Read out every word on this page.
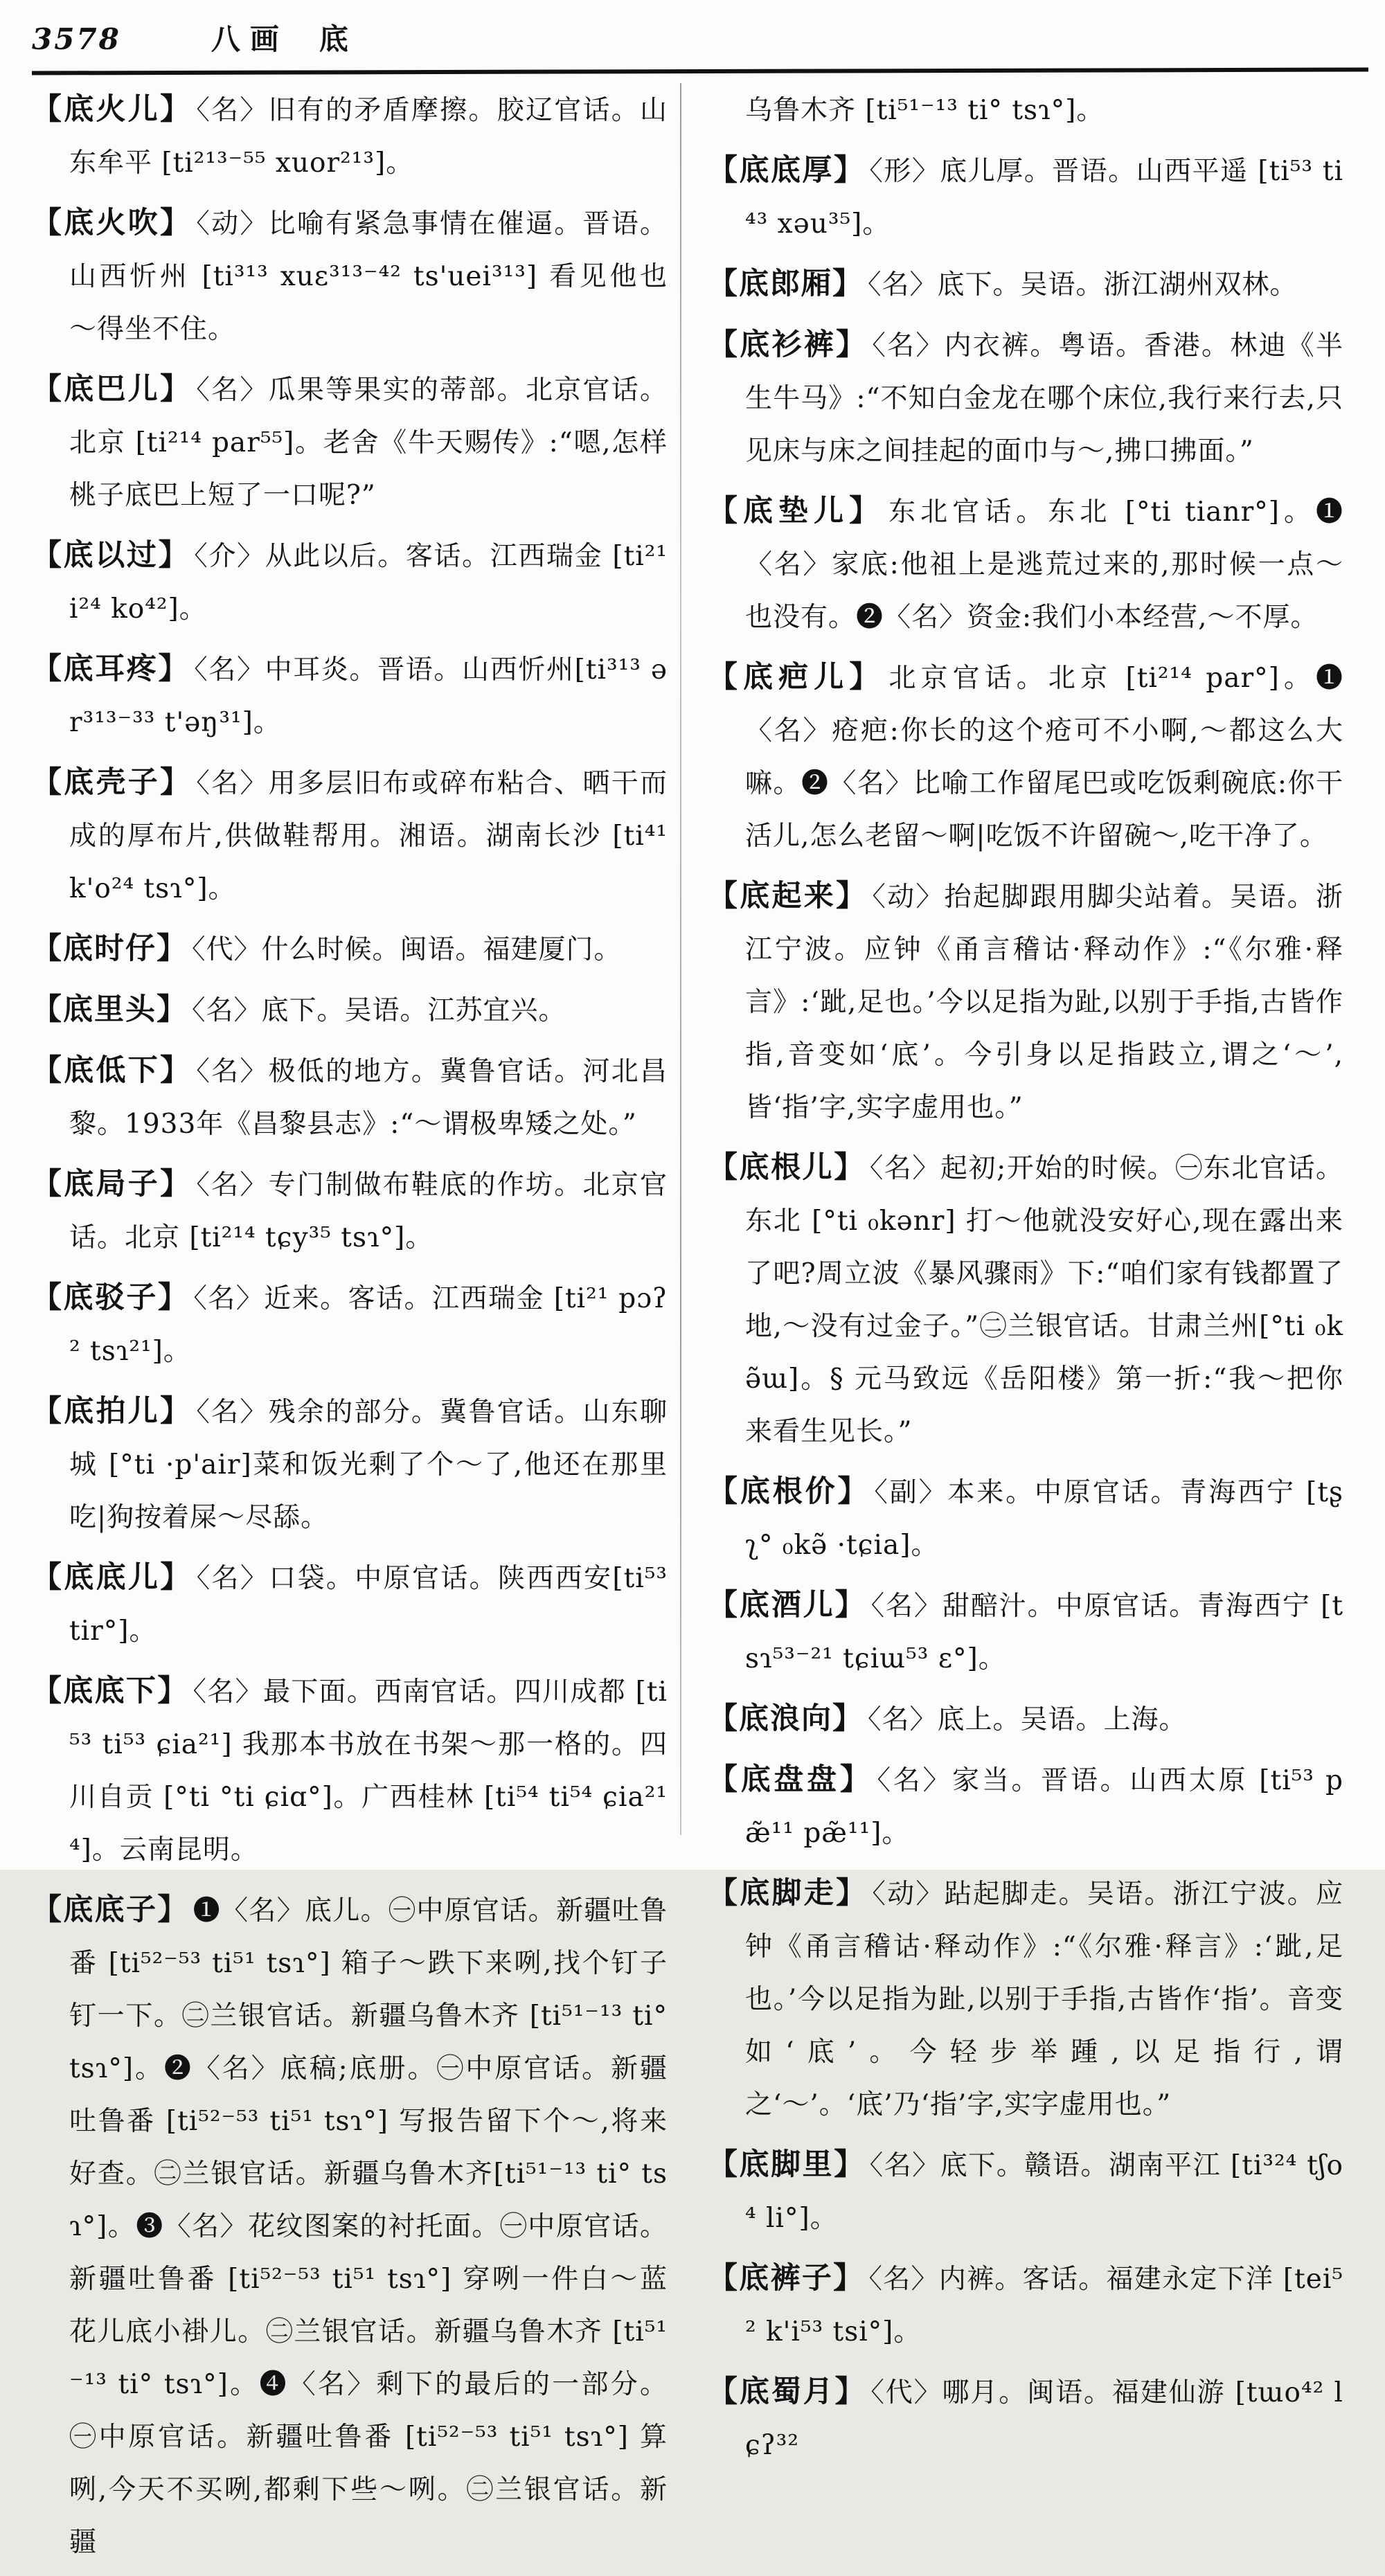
3578	八画 底
【底火儿】 〈名〉旧有的矛盾摩擦。胶辽官话。山东牟平 [ti²¹³⁻⁵⁵ xuor²¹³]。
【底火吹】 〈动〉比喻有紧急事情在催逼。晋语。山西忻州 [ti³¹³ xuɛ³¹³⁻⁴² ts'uei³¹³] 看见他也～得坐不住。
【底巴儿】 〈名〉瓜果等果实的蒂部。北京官话。北京 [ti²¹⁴ par⁵⁵]。老舍《牛天赐传》:“嗯,怎样桃子底巴上短了一口呢?”
【底以过】 〈介〉从此以后。客话。江西瑞金 [ti²¹ i²⁴ ko⁴²]。
【底耳疼】 〈名〉中耳炎。晋语。山西忻州[ti³¹³ ər³¹³⁻³³ t'əŋ³¹]。
【底壳子】 〈名〉用多层旧布或碎布粘合、晒干而成的厚布片,供做鞋帮用。湘语。湖南长沙 [ti⁴¹ k'o²⁴ tsɿ°]。
【底时仔】 〈代〉什么时候。闽语。福建厦门。
【底里头】 〈名〉底下。吴语。江苏宜兴。
【底低下】 〈名〉极低的地方。冀鲁官话。河北昌黎。1933年《昌黎县志》:“～谓极卑矮之处。”
【底局子】 〈名〉专门制做布鞋底的作坊。北京官话。北京 [ti²¹⁴ tɕy³⁵ tsɿ°]。
【底驳子】 〈名〉近来。客话。江西瑞金 [ti²¹ pɔʔ² tsɿ²¹]。
【底拍儿】 〈名〉残余的部分。冀鲁官话。山东聊城 [°ti ·p'air]菜和饭光剩了个～了,他还在那里吃|狗按着屎～尽舔。
【底底儿】 〈名〉口袋。中原官话。陕西西安[ti⁵³ tir°]。
【底底下】 〈名〉最下面。西南官话。四川成都 [ti⁵³ ti⁵³ ɕia²¹] 我那本书放在书架～那一格的。四川自贡 [°ti °ti ɕiɑ°]。广西桂林 [ti⁵⁴ ti⁵⁴ ɕia²¹⁴]。云南昆明。
【底底子】 ❶〈名〉底儿。㊀中原官话。新疆吐鲁番 [ti⁵²⁻⁵³ ti⁵¹ tsɿ°] 箱子～跌下来咧,找个钉子钉一下。㊁兰银官话。新疆乌鲁木齐 [ti⁵¹⁻¹³ ti° tsɿ°]。❷〈名〉底稿;底册。㊀中原官话。新疆吐鲁番 [ti⁵²⁻⁵³ ti⁵¹ tsɿ°] 写报告留下个～,将来好查。㊁兰银官话。新疆乌鲁木齐[ti⁵¹⁻¹³ ti° tsɿ°]。❸〈名〉花纹图案的衬托面。㊀中原官话。新疆吐鲁番 [ti⁵²⁻⁵³ ti⁵¹ tsɿ°] 穿咧一件白～蓝花儿底小褂儿。㊁兰银官话。新疆乌鲁木齐 [ti⁵¹⁻¹³ ti° tsɿ°]。❹〈名〉剩下的最后的一部分。㊀中原官话。新疆吐鲁番 [ti⁵²⁻⁵³ ti⁵¹ tsɿ°] 算咧,今天不买咧,都剩下些～咧。㊁兰银官话。新疆
乌鲁木齐 [ti⁵¹⁻¹³ ti° tsɿ°]。
【底底厚】 〈形〉底儿厚。晋语。山西平遥 [ti⁵³ ti⁴³ xəu³⁵]。
【底郎厢】 〈名〉底下。吴语。浙江湖州双林。
【底衫裤】 〈名〉内衣裤。粤语。香港。林迪《半生牛马》:“不知白金龙在哪个床位,我行来行去,只见床与床之间挂起的面巾与～,拂口拂面。”
【底垫儿】 东北官话。东北 [°ti tianr°]。❶〈名〉家底:他祖上是逃荒过来的,那时候一点～也没有。❷〈名〉资金:我们小本经营,～不厚。
【底疤儿】 北京官话。北京 [ti²¹⁴ par°]。❶〈名〉疮疤:你长的这个疮可不小啊,～都这么大嘛。❷〈名〉比喻工作留尾巴或吃饭剩碗底:你干活儿,怎么老留～啊|吃饭不许留碗～,吃干净了。
【底起来】 〈动〉抬起脚跟用脚尖站着。吴语。浙江宁波。应钟《甬言稽诂·释动作》:“《尔雅·释言》:‘跐,足也。’今以足指为趾,以别于手指,古皆作指,音变如‘底’。今引身以足指跂立,谓之‘～’,皆‘指’字,实字虚用也。”
【底根儿】 〈名〉起初;开始的时候。㊀东北官话。东北 [°ti ₀kənr] 打～他就没安好心,现在露出来了吧?周立波《暴风骤雨》下:“咱们家有钱都置了地,～没有过金子。”㊁兰银官话。甘肃兰州[°ti ₀kə̃ɯ]。§ 元马致远《岳阳楼》第一折:“我～把你来看生见长。”
【底根价】 〈副〉本来。中原官话。青海西宁 [tʂʅ° ₀kə̃ ·tɕia]。
【底酒儿】 〈名〉甜醅汁。中原官话。青海西宁 [tsɿ⁵³⁻²¹ tɕiɯ⁵³ ɛ°]。
【底浪向】 〈名〉底上。吴语。上海。
【底盘盘】 〈名〉家当。晋语。山西太原 [ti⁵³ pæ̃¹¹ pæ̃¹¹]。
【底脚走】 〈动〉跕起脚走。吴语。浙江宁波。应钟《甬言稽诂·释动作》:“《尔雅·释言》:‘跐,足也。’今以足指为趾,以别于手指,古皆作‘指’。音变如‘底’。今轻步举踵,以足指行,谓之‘～’。‘底’乃‘指’字,实字虚用也。”
【底脚里】 〈名〉底下。赣语。湖南平江 [ti³²⁴ tʃo⁴ li°]。
【底裤子】 〈名〉内裤。客话。福建永定下洋 [tei⁵² k'i⁵³ tsi°]。
【底蜀月】 〈代〉哪月。闽语。福建仙游 [tɯo⁴² lɕʔ³²
